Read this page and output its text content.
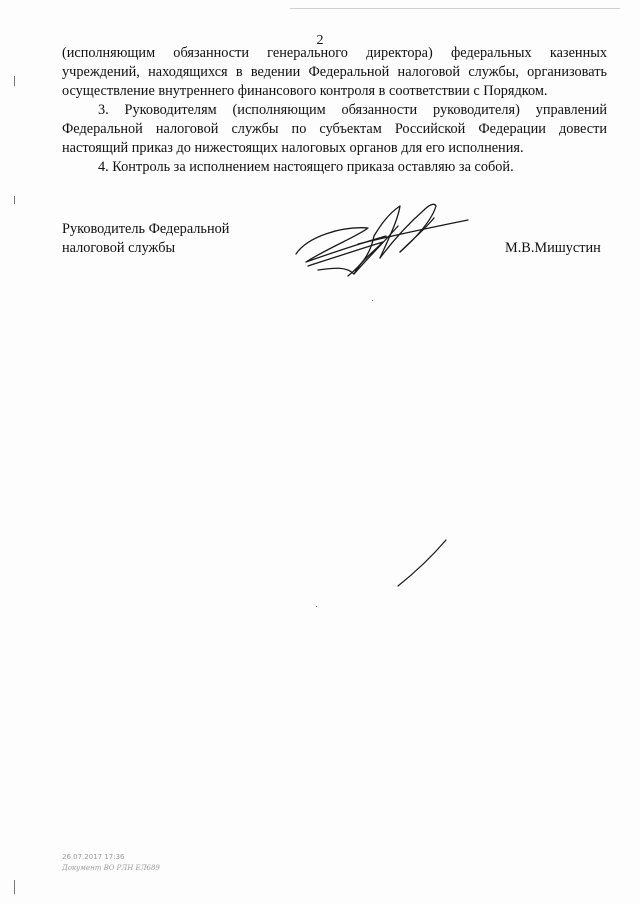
2

(исполняющим обязанности генерального директора) федеральных казенных учреждений, находящихся в ведении Федеральной налоговой службы, организовать осуществление внутреннего финансового контроля в соответствии с Порядком.

3. Руководителям (исполняющим обязанности руководителя) управлений Федеральной налоговой службы по субъектам Российской Федерации довести настоящий приказ до нижестоящих налоговых органов для его исполнения.

4. Контроль за исполнением настоящего приказа оставляю за собой.

Руководитель Федеральной
налоговой службы	М.В.Мишустин
26.07.2017 17:36
Документ ВО РЛН ЕЛ689
